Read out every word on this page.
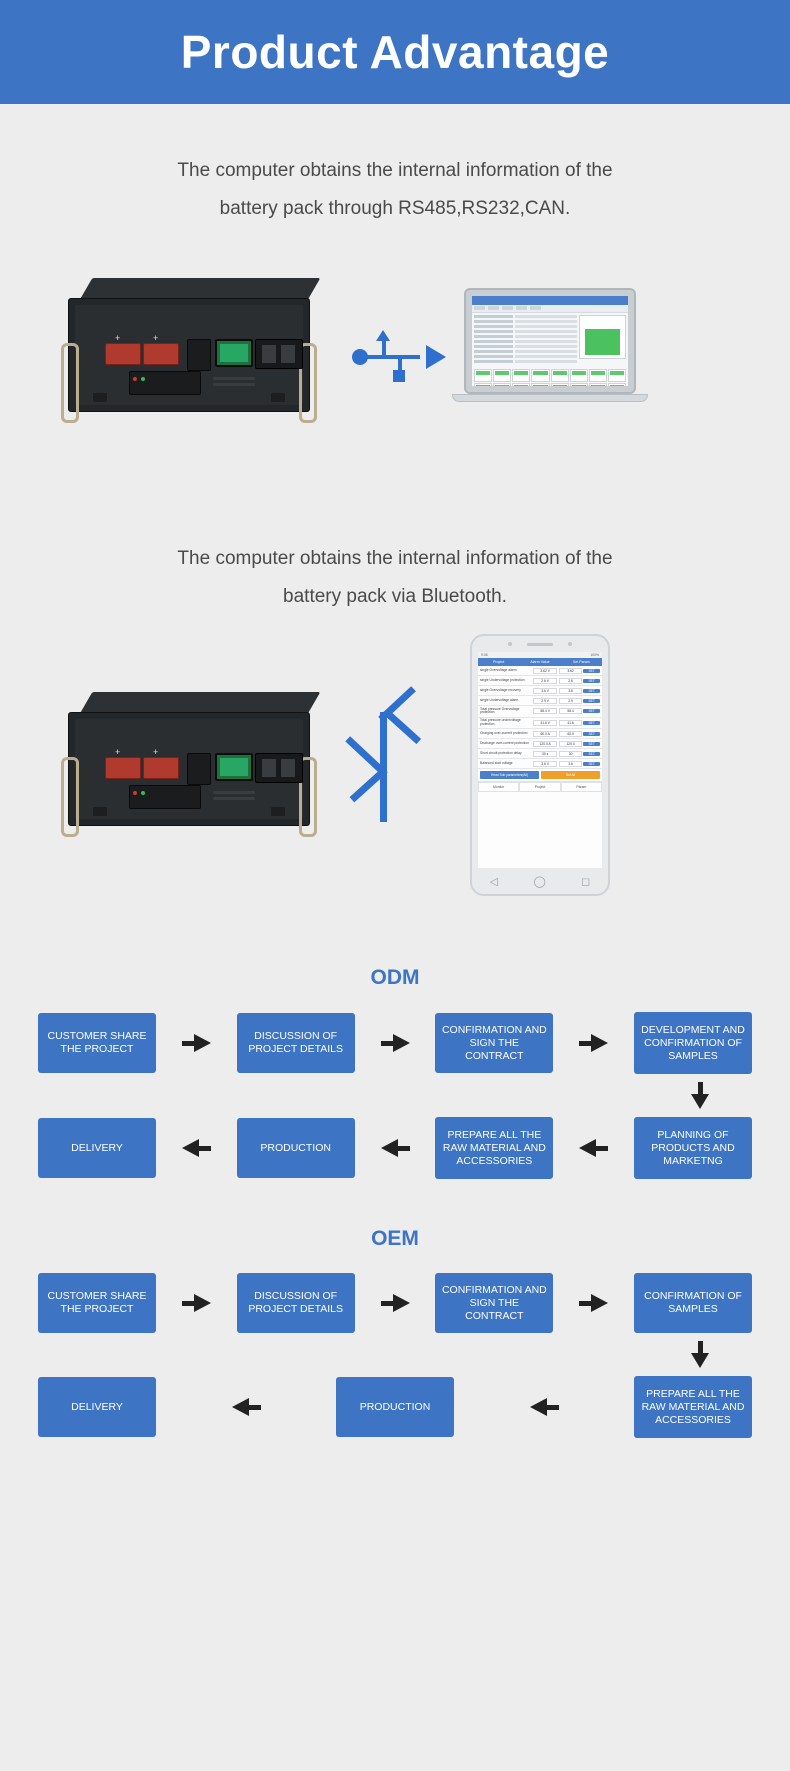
Product Advantage
The computer obtains the internal information of the
battery pack through RS485,RS232,CAN.
+	+
The computer obtains the internal information of the
battery pack via Bluetooth.
+	+
9:36	100%
Project	Alarm Value	Set Param
single Overvoltage alarm	3.62 V	3.62	SET
single Undervoltage protection	2.6 V	2.6	SET
single Overvoltage recovery	3.6 V	3.6	SET
single Undervoltage alarm	2.9 V	2.9	SET
Total pressure Overvoltage protection	58.4 V	58.4	SET
Total pressure undervoltage protection	41.6 V	41.6	SET
Charging over-current protection	60.0 A	60.0	SET
Discharge over-current protection	120.0 A	120.0	SET
Short circuit protection delay	30 s	30	SET
Balanced start voltage	3.6 V	3.6	SET
Read Sub parameters(All)	Set All
Monitor	Project	Param
◁	◯	◻
ODM
CUSTOMER SHARE THE PROJECT
DISCUSSION OF PROJECT DETAILS
CONFIRMATION AND SIGN THE CONTRACT
DEVELOPMENT AND CONFIRMATION OF SAMPLES
DELIVERY	PRODUCTION
PREPARE ALL THE RAW MATERIAL AND ACCESSORIES
PLANNING OF PRODUCTS AND MARKETNG
OEM
CUSTOMER SHARE THE PROJECT
DISCUSSION OF PROJECT DETAILS
CONFIRMATION AND SIGN THE CONTRACT
CONFIRMATION OF SAMPLES
DELIVERY	PRODUCTION
PREPARE ALL THE RAW MATERIAL AND ACCESSORIES
